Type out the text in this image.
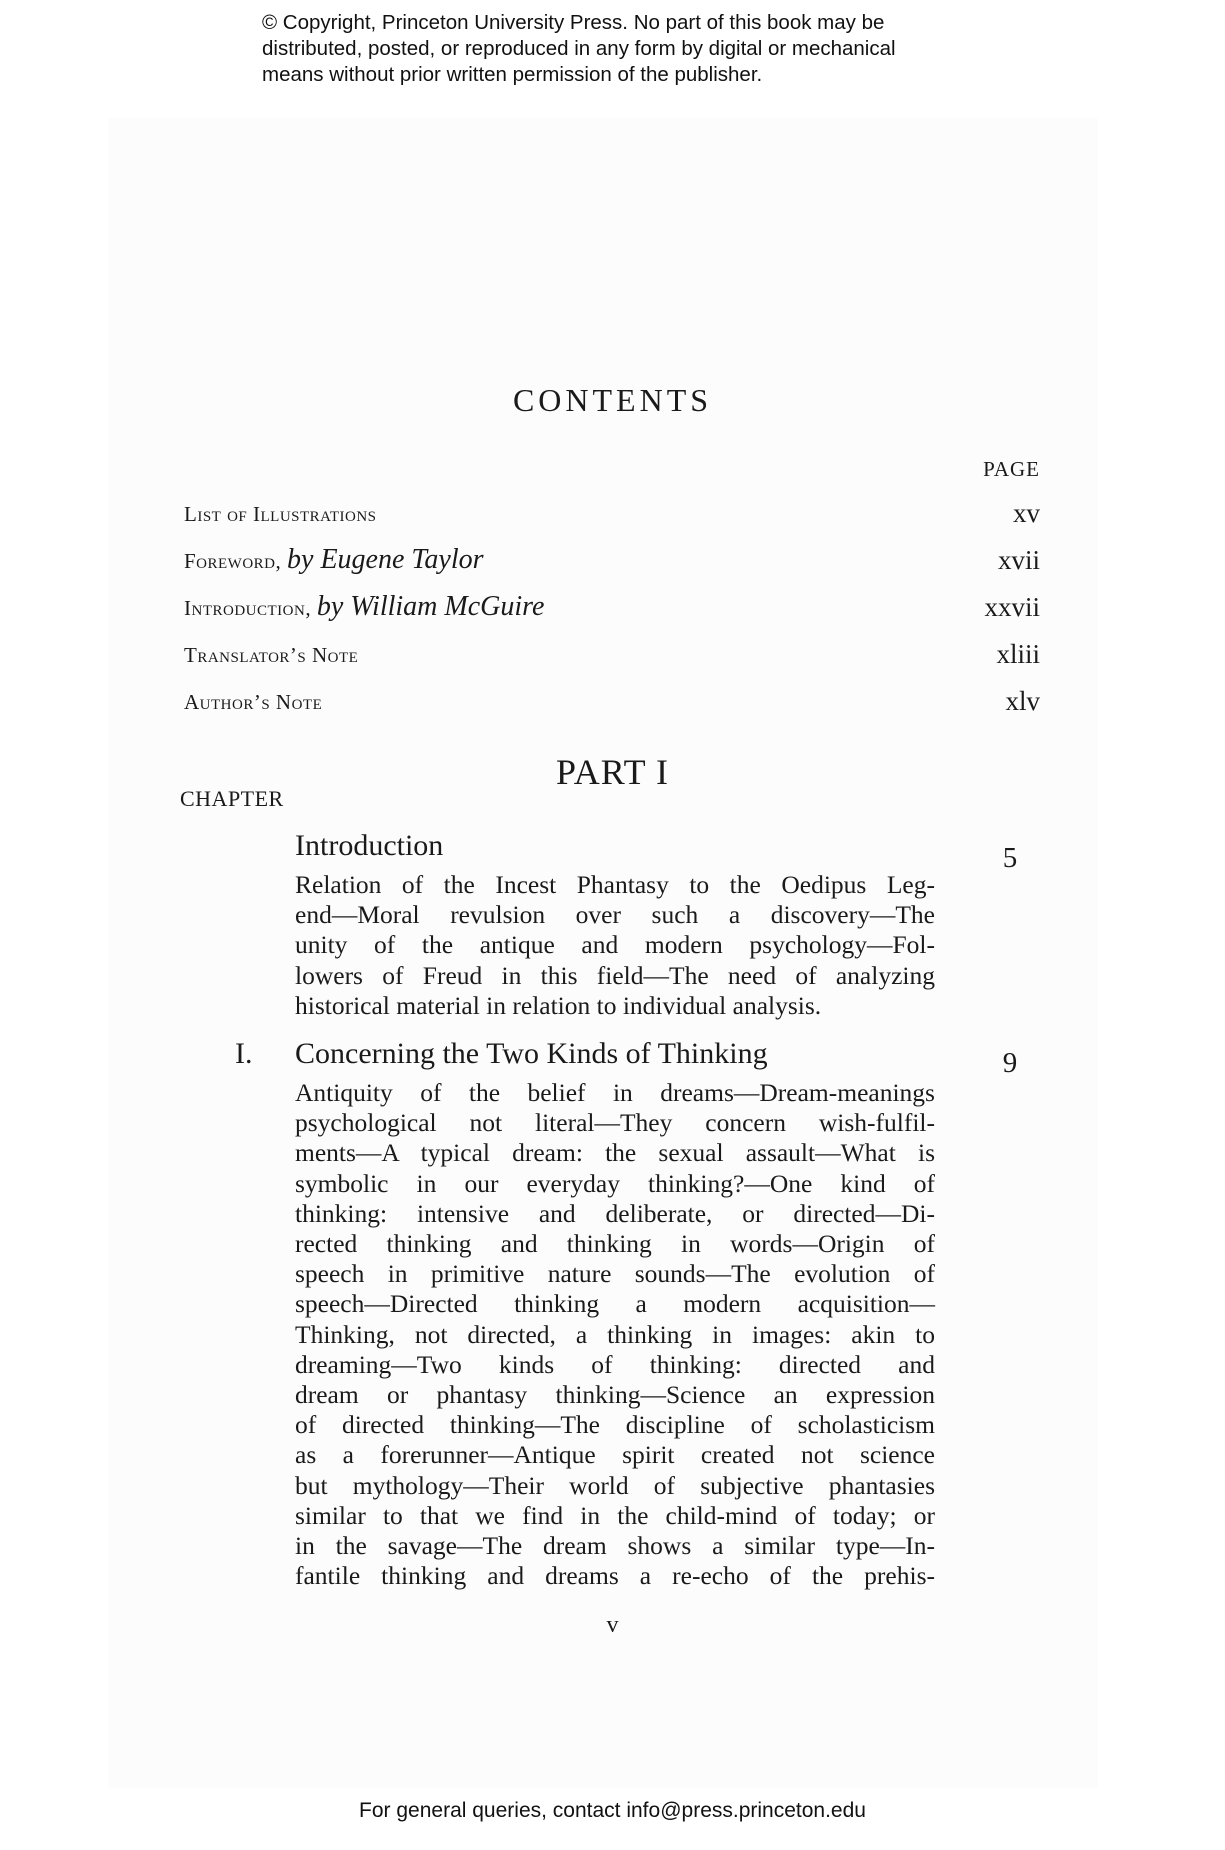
© Copyright, Princeton University Press. No part of this book may be
distributed, posted, or reproduced in any form by digital or mechanical
means without prior written permission of the publisher.
CONTENTS
PAGE
List of Illustrations	xv
Foreword, by Eugene Taylor	xvii
Introduction, by William McGuire	xxvii
Translator’s Note	xliii
Author’s Note	xlv
PART I
CHAPTER
Introduction	5
Relation of the Incest Phantasy to the Oedipus Leg-
end—Moral revulsion over such a discovery—The
unity of the antique and modern psychology—Fol-
lowers of Freud in this field—The need of analyzing
historical material in relation to individual analysis.
I.	Concerning the Two Kinds of Thinking	9
Antiquity of the belief in dreams—Dream-meanings
psychological not literal—They concern wish-fulfil-
ments—A typical dream: the sexual assault—What is
symbolic in our everyday thinking?—One kind of
thinking: intensive and deliberate, or directed—Di-
rected thinking and thinking in words—Origin of
speech in primitive nature sounds—The evolution of
speech—Directed thinking a modern acquisition—
Thinking, not directed, a thinking in images: akin to
dreaming—Two kinds of thinking: directed and
dream or phantasy thinking—Science an expression
of directed thinking—The discipline of scholasticism
as a forerunner—Antique spirit created not science
but mythology—Their world of subjective phantasies
similar to that we find in the child-mind of today; or
in the savage—The dream shows a similar type—In-
fantile thinking and dreams a re-echo of the prehis-
v
For general queries, contact info@press.princeton.edu
